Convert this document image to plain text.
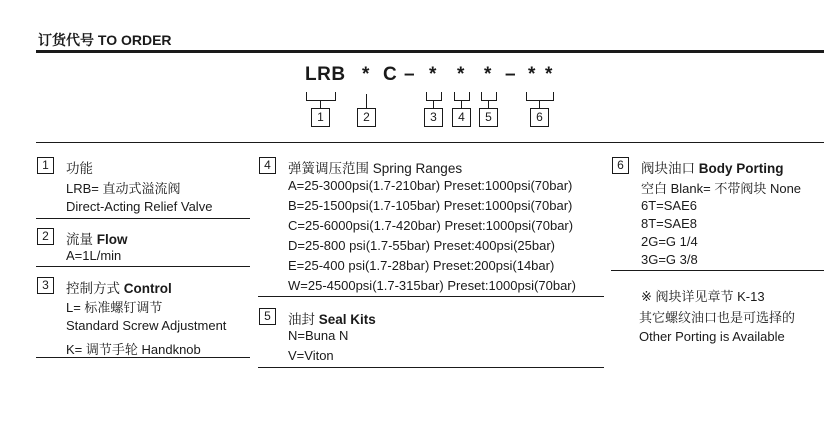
订货代号 TO ORDER
LRB * C – * * * – * *
1	2	3	4	5	6
1	功能
LRB= 直动式溢流阀
Direct-Acting Relief Valve
2	流量 Flow
A=1L/min
3	控制方式 Control
L= 标准螺钉调节
Standard Screw Adjustment
K= 调节手轮 Handknob
4	弹簧调压范围 Spring Ranges
A=25-3000psi(1.7-210bar) Preset:1000psi(70bar)
B=25-1500psi(1.7-105bar) Preset:1000psi(70bar)
C=25-6000psi(1.7-420bar) Preset:1000psi(70bar)
D=25-800 psi(1.7-55bar) Preset:400psi(25bar)
E=25-400 psi(1.7-28bar) Preset:200psi(14bar)
W=25-4500psi(1.7-315bar) Preset:1000psi(70bar)
5	油封 Seal Kits
N=Buna N
V=Viton
6	阀块油口 Body Porting
空白 Blank= 不带阀块 None
6T=SAE6
8T=SAE8
2G=G 1/4
3G=G 3/8
※ 阀块详见章节 K-13
其它螺纹油口也是可选择的
Other Porting is Available
